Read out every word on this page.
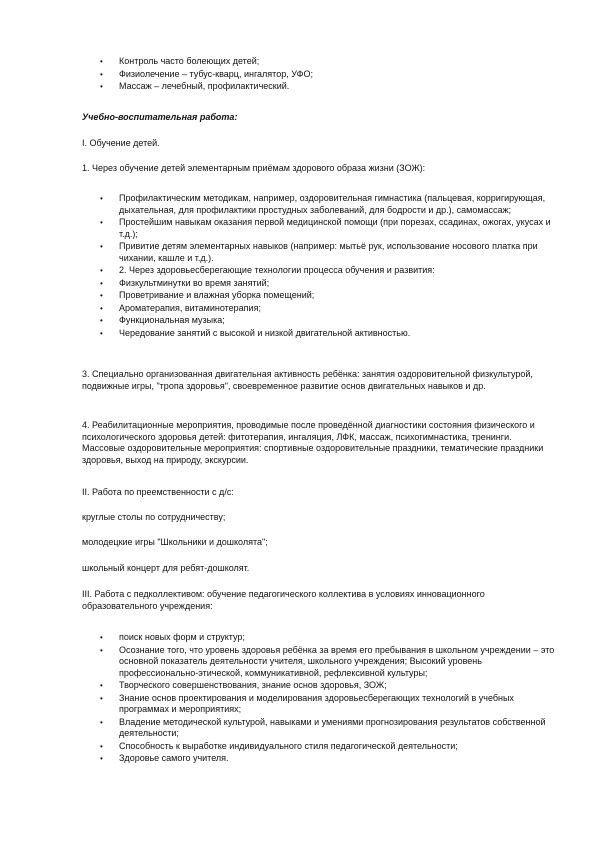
• Контроль часто болеющих детей;
• Физиолечение – тубус-кварц, ингалятор, УФО;
• Массаж – лечебный, профилактический.
Учебно-воспитательная работа:
I. Обучение детей.
1. Через обучение детей элементарным приёмам здорового образа жизни (ЗОЖ):
• Профилактическим методикам, например, оздоровительная гимнастика (пальцевая, корригирующая, дыхательная, для профилактики простудных заболеваний, для бодрости и др.), самомассаж;
• Простейшим навыкам оказания первой медицинской помощи (при порезах, ссадинах, ожогах, укусах и т.д.);
• Привитие детям элементарных навыков (например: мытьё рук, использование носового платка при чихании, кашле и т.д.).
• 2. Через здоровьесберегающие технологии процесса обучения и развития:
• Физкультминутки во время занятий;
• Проветривание и влажная уборка помещений;
• Ароматерапия, витаминотерапия;
• Функциональная музыка;
• Чередование занятий с высокой и низкой двигательной активностью.
3. Специально организованная двигательная активность ребёнка: занятия оздоровительной физкультурой, подвижные игры, "тропа здоровья", своевременное развитие основ двигательных навыков и др.
4. Реабилитационные мероприятия, проводимые после проведённой диагностики состояния физического и психологического здоровья детей: фитотерапия, ингаляция, ЛФК, массаж, психогимнастика, тренинги. Массовые оздоровительные мероприятия: спортивные оздоровительные праздники, тематические праздники здоровья, выход на природу, экскурсии.
II. Работа по преемственности с д/с:
круглые столы по сотрудничеству;
молодецкие игры "Школьники и дошколята";
школьный концерт для ребят-дошколят.
III. Работа с педколлективом: обучение педагогического коллектива в условиях инновационного образовательного учреждения:
• поиск новых форм и структур;
• Осознание того, что уровень здоровья ребёнка за время его пребывания в школьном учреждении – это основной показатель деятельности учителя, школьного учреждения; Высокий уровень профессионально-этической, коммуникативной, рефлексивной культуры;
• Творческого совершенствования, знание основ здоровья, ЗОЖ;
• Знание основ проектирования и моделирования здоровьесберегающих технологий в учебных программах и мероприятиях;
• Владение методической культурой, навыками и умениями прогнозирования результатов собственной деятельности;
• Способность к выработке индивидуального стиля педагогической деятельности;
• Здоровье самого учителя.
